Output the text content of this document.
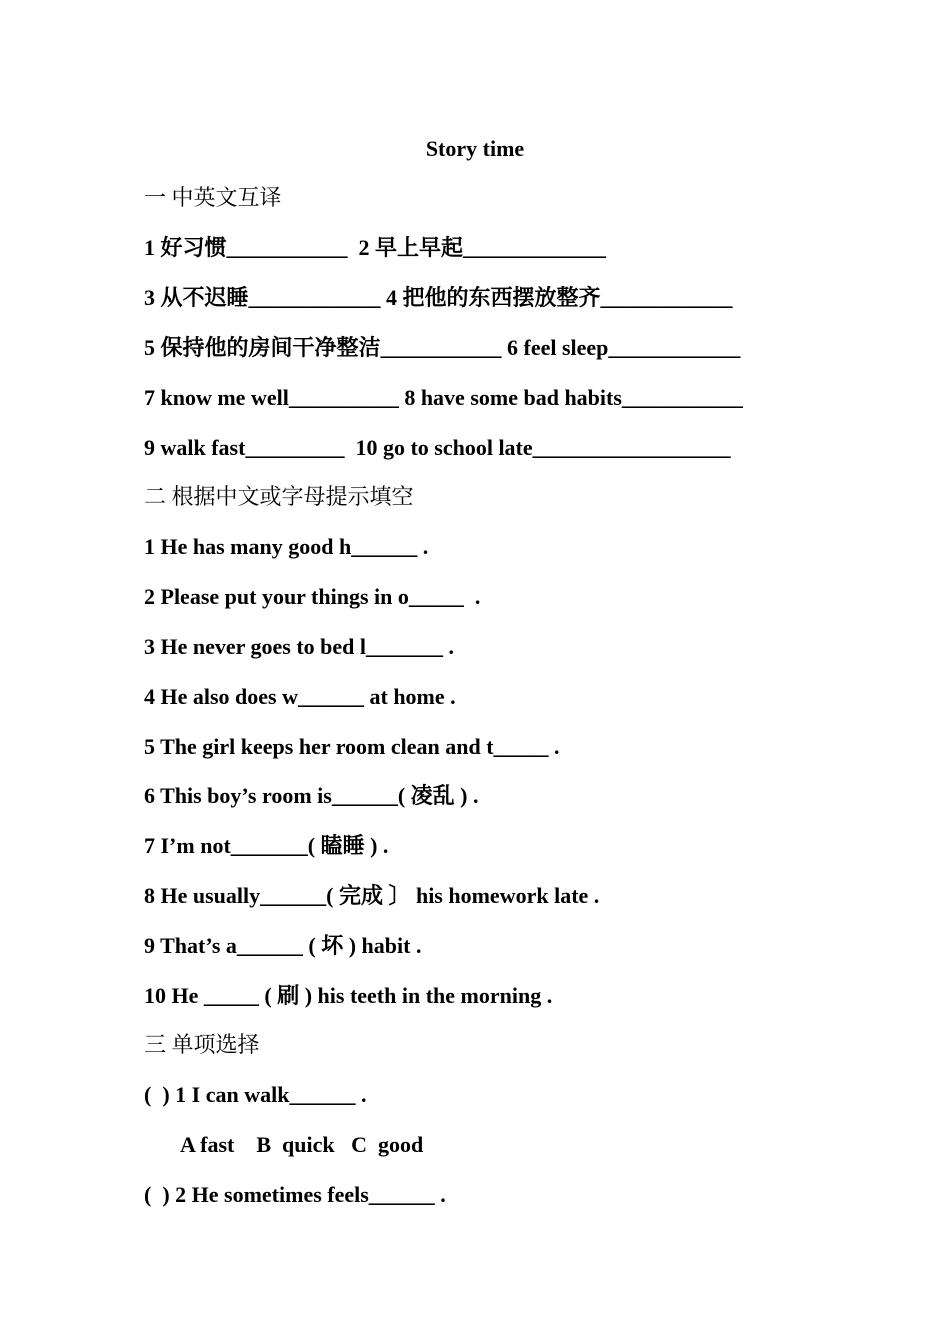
Story time
一 中英文互译
1 好习惯___________  2 早上早起_____________
3 从不迟睡____________ 4 把他的东西摆放整齐____________
5 保持他的房间干净整洁___________ 6 feel sleep____________
7 know me well__________ 8 have some bad habits___________
9 walk fast_________  10 go to school late__________________
二 根据中文或字母提示填空
1 He has many good h______ .
2 Please put your things in o_____  .
3 He never goes to bed l_______ .
4 He also does w______ at home .
5 The girl keeps her room clean and t_____ .
6 This boy’s room is______( 凌乱 ) .
7 I’m not_______( 瞌睡 ) .
8 He usually______( 完成 〕 his homework late .
9 That’s a______ ( 坏 ) habit .
10 He _____ ( 刷 ) his teeth in the morning .
三 单项选择
(  ) 1 I can walk______ .
A fast    B  quick   C  good
(  ) 2 He sometimes feels______ .
